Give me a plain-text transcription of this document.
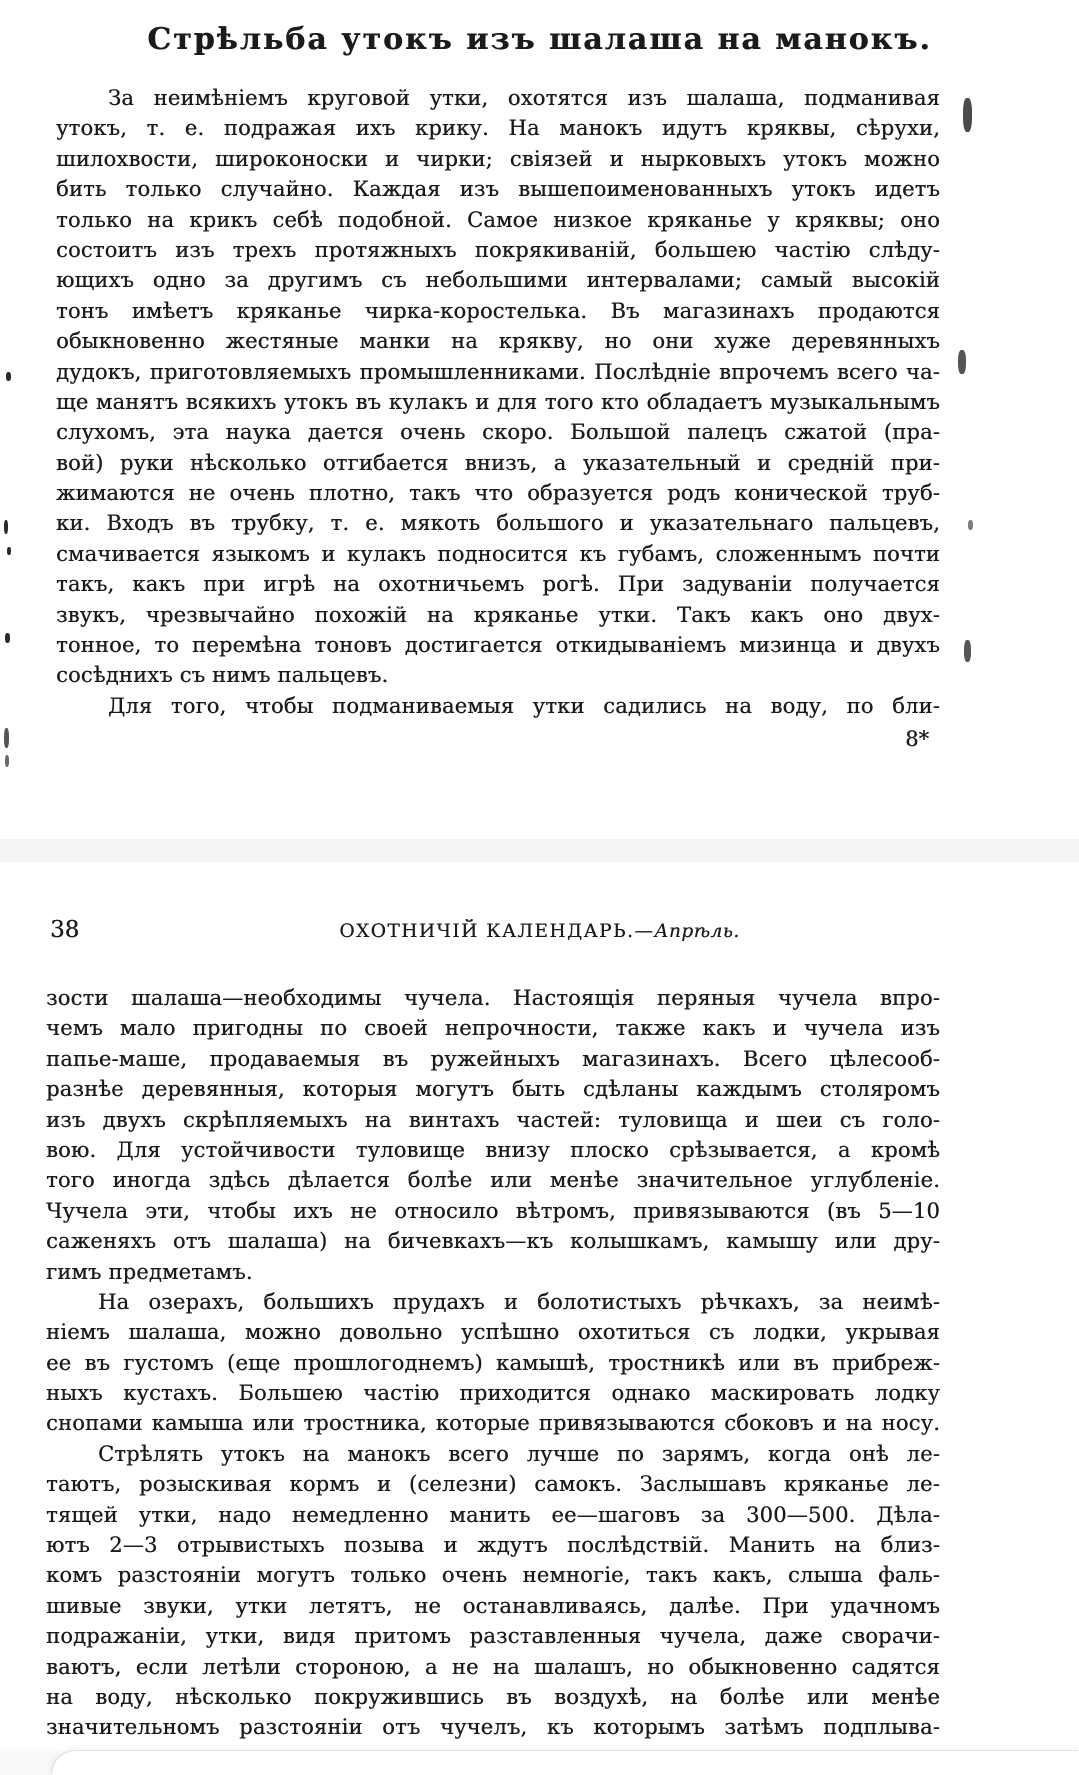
Стрѣльба утокъ изъ шалаша на манокъ.
За неимѣніемъ круговой утки, охотятся изъ шалаша, подманивая
утокъ, т. е. подражая ихъ крику. На манокъ идутъ кряквы, сѣрухи,
шилохвости, широконоски и чирки; свіязей и нырковыхъ утокъ можно
бить только случайно. Каждая изъ вышепоименованныхъ утокъ идетъ
только на крикъ себѣ подобной. Самое низкое кряканье у кряквы; оно
состоитъ изъ трехъ протяжныхъ покрякиваній, большею частію слѣду-
ющихъ одно за другимъ съ небольшими интервалами; самый высокій
тонъ имѣетъ кряканье чирка-коростелька. Въ магазинахъ продаются
обыкновенно жестяные манки на крякву, но они хуже деревянныхъ
дудокъ, приготовляемыхъ промышленниками. Послѣдніе впрочемъ всего ча-
ще манятъ всякихъ утокъ въ кулакъ и для того кто обладаетъ музыкальнымъ
слухомъ, эта наука дается очень скоро. Большой палецъ сжатой (пра-
вой) руки нѣсколько отгибается внизъ, а указательный и средній при-
жимаются не очень плотно, такъ что образуется родъ конической труб-
ки. Входъ въ трубку, т. е. мякоть большого и указательнаго пальцевъ,
смачивается языкомъ и кулакъ подносится къ губамъ, сложеннымъ почти
такъ, какъ при игрѣ на охотничьемъ рогѣ. При задуваніи получается
звукъ, чрезвычайно похожій на кряканье утки. Такъ какъ оно двух-
тонное, то перемѣна тоновъ достигается откидываніемъ мизинца и двухъ
сосѣднихъ съ нимъ пальцевъ.
Для того, чтобы подманиваемыя утки садились на воду, по бли-
8*
38	ОХОТНИЧІЙ КАЛЕНДАРЬ.—Апрѣль.
зости шалаша—необходимы чучела. Настоящія перяныя чучела впро-
чемъ мало пригодны по своей непрочности, также какъ и чучела изъ
папье-маше, продаваемыя въ ружейныхъ магазинахъ. Всего цѣлесооб-
разнѣе деревянныя, которыя могутъ быть сдѣланы каждымъ столяромъ
изъ двухъ скрѣпляемыхъ на винтахъ частей: туловища и шеи съ голо-
вою. Для устойчивости туловище внизу плоско срѣзывается, а кромѣ
того иногда здѣсь дѣлается болѣе или менѣе значительное углубленіе.
Чучела эти, чтобы ихъ не относило вѣтромъ, привязываются (въ 5—10
саженяхъ отъ шалаша) на бичевкахъ—къ колышкамъ, камышу или дру-
гимъ предметамъ.
На озерахъ, большихъ прудахъ и болотистыхъ рѣчкахъ, за неимѣ-
ніемъ шалаша, можно довольно успѣшно охотиться съ лодки, укрывая
ее въ густомъ (еще прошлогоднемъ) камышѣ, тростникѣ или въ прибреж-
ныхъ кустахъ. Большею частію приходится однако маскировать лодку
снопами камыша или тростника, которые привязываются сбоковъ и на носу.
Стрѣлять утокъ на манокъ всего лучше по зарямъ, когда онѣ ле-
таютъ, розыскивая кормъ и (селезни) самокъ. Заслышавъ кряканье ле-
тящей утки, надо немедленно манить ее—шаговъ за 300—500. Дѣла-
ютъ 2—3 отрывистыхъ позыва и ждутъ послѣдствій. Манить на близ-
комъ разстояніи могутъ только очень немногіе, такъ какъ, слыша фаль-
шивые звуки, утки летятъ, не останавливаясь, далѣе. При удачномъ
подражаніи, утки, видя притомъ разставленныя чучела, даже сворачи-
ваютъ, если летѣли стороною, а не на шалашъ, но обыкновенно садятся
на воду, нѣсколько покружившись въ воздухѣ, на болѣе или менѣе
значительномъ разстояніи отъ чучелъ, къ которымъ затѣмъ подплыва-
